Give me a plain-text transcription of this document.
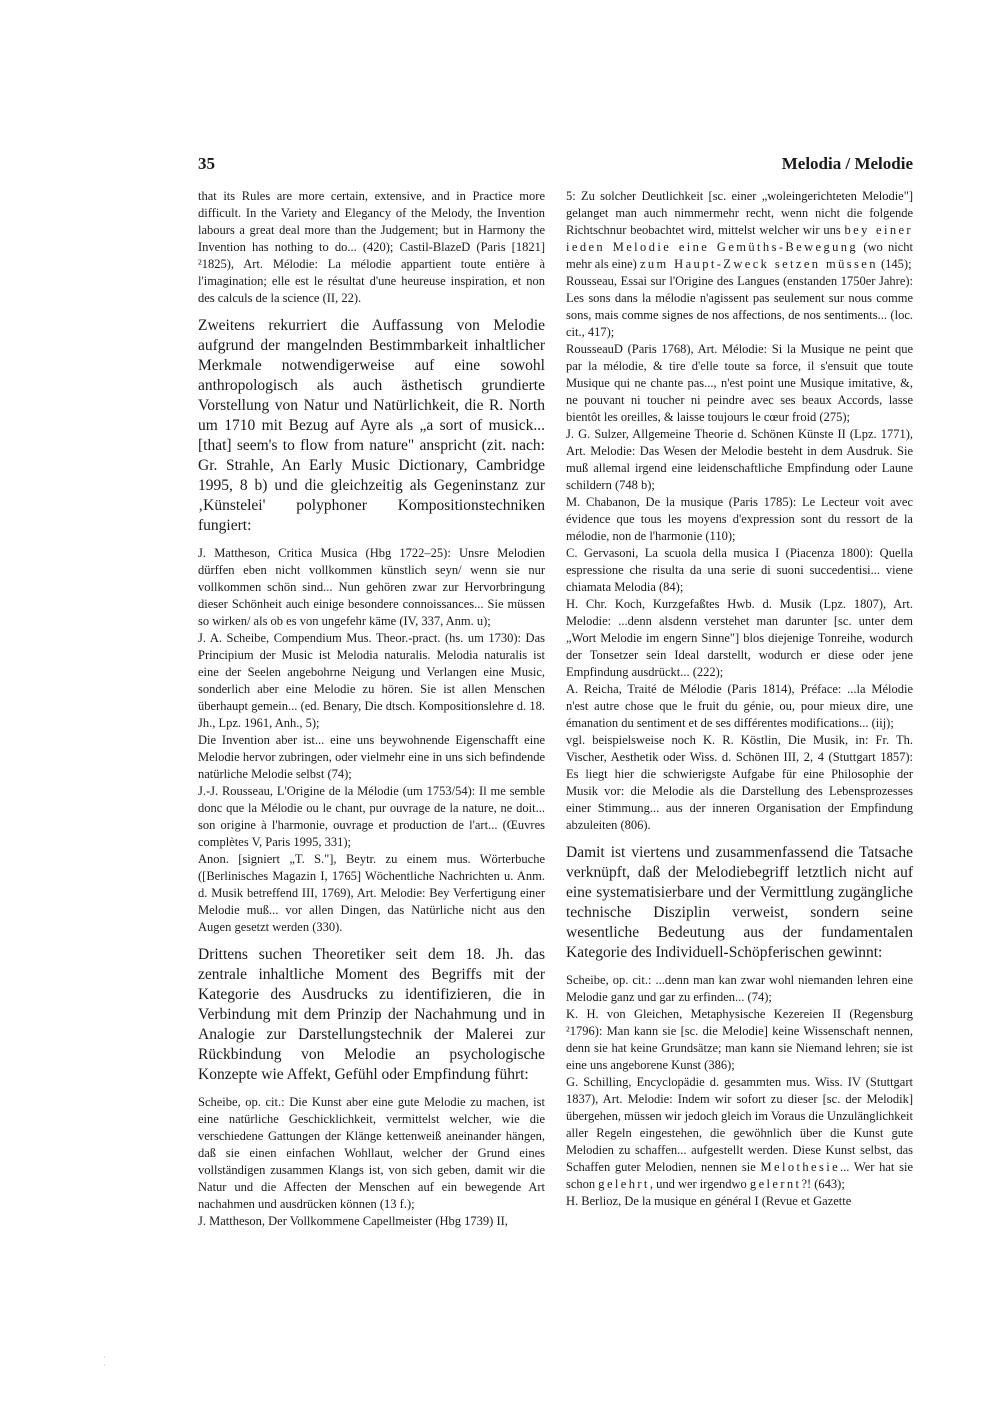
35	Melodia / Melodie

that its Rules are more certain, extensive, and in Practice more difficult. In the Variety and Elegancy of the Melody, the Invention labours a great deal more than the Judgement; but in Harmony the Invention has nothing to do... (420); Castil-BlazeD (Paris [1821] ²1825), Art. Mélodie: La mélodie appartient toute entière à l'imagination; elle est le résultat d'une heureuse inspiration, et non des calculs de la science (II, 22).

Zweitens rekurriert die Auffassung von Melodie aufgrund der mangelnden Bestimmbarkeit inhaltlicher Merkmale notwendigerweise auf eine sowohl anthropologisch als auch ästhetisch grundierte Vorstellung von Natur und Natürlichkeit, die R. North um 1710 mit Bezug auf Ayre als „a sort of musick... [that] seem's to flow from nature" anspricht (zit. nach: Gr. Strahle, An Early Music Dictionary, Cambridge 1995, 8 b) und die gleichzeitig als Gegeninstanz zur ‚Künstelei' polyphoner Kompositionstechniken fungiert:

J. Mattheson, Critica Musica (Hbg 1722–25): Unsre Melodien dürffen eben nicht vollkommen künstlich seyn/ wenn sie nur vollkommen schön sind... Nun gehören zwar zur Hervorbringung dieser Schönheit auch einige besondere connoissances... Sie müssen so wirken/ als ob es von ungefehr käme (IV, 337, Anm. u);

J. A. Scheibe, Compendium Mus. Theor.-pract. (hs. um 1730): Das Principium der Music ist Melodia naturalis. Melodia naturalis ist eine der Seelen angebohrne Neigung und Verlangen eine Music, sonderlich aber eine Melodie zu hören. Sie ist allen Menschen überhaupt gemein... (ed. Benary, Die dtsch. Kompositionslehre d. 18. Jh., Lpz. 1961, Anh., 5);

Die Invention aber ist... eine uns beywohnende Eigenschafft eine Melodie hervor zubringen, oder vielmehr eine in uns sich befindende natürliche Melodie selbst (74);

J.-J. Rousseau, L'Origine de la Mélodie (um 1753/54): Il me semble donc que la Mélodie ou le chant, pur ouvrage de la nature, ne doit... son origine à l'harmonie, ouvrage et production de l'art... (Œuvres complètes V, Paris 1995, 331);

Anon. [signiert „T. S."], Beytr. zu einem mus. Wörterbuche ([Berlinisches Magazin I, 1765] Wöchentliche Nachrichten u. Anm. d. Musik betreffend III, 1769), Art. Melodie: Bey Verfertigung einer Melodie muß... vor allen Dingen, das Natürliche nicht aus den Augen gesetzt werden (330).

Drittens suchen Theoretiker seit dem 18. Jh. das zentrale inhaltliche Moment des Begriffs mit der Kategorie des Ausdrucks zu identifizieren, die in Verbindung mit dem Prinzip der Nachahmung und in Analogie zur Darstellungstechnik der Malerei zur Rückbindung von Melodie an psychologische Konzepte wie Affekt, Gefühl oder Empfindung führt:

Scheibe, op. cit.: Die Kunst aber eine gute Melodie zu machen, ist eine natürliche Geschicklichkeit, vermittelst welcher, wie die verschiedene Gattungen der Klänge kettenweiß aneinander hängen, daß sie einen einfachen Wohllaut, welcher der Grund eines vollständigen zusammen Klangs ist, von sich geben, damit wir die Natur und die Affecten der Menschen auf ein bewegende Art nachahmen und ausdrücken können (13 f.);

J. Mattheson, Der Vollkommene Capellmeister (Hbg 1739) II,

5: Zu solcher Deutlichkeit [sc. einer „woleingerichteten Melodie"] gelanget man auch nimmermehr recht, wenn nicht die folgende Richtschnur beobachtet wird, mittelst welcher wir uns bey einer ieden Melodie eine Gemüths-Bewegung (wo nicht mehr als eine) zum Haupt-Zweck setzen müssen (145);

Rousseau, Essai sur l'Origine des Langues (enstanden 1750er Jahre): Les sons dans la mélodie n'agissent pas seulement sur nous comme sons, mais comme signes de nos affections, de nos sentiments... (loc. cit., 417);

RousseauD (Paris 1768), Art. Mélodie: Si la Musique ne peint que par la mélodie, & tire d'elle toute sa force, il s'ensuit que toute Musique qui ne chante pas..., n'est point une Musique imitative, &, ne pouvant ni toucher ni peindre avec ses beaux Accords, lasse bientôt les oreilles, & laisse toujours le cœur froid (275);

J. G. Sulzer, Allgemeine Theorie d. Schönen Künste II (Lpz. 1771), Art. Melodie: Das Wesen der Melodie besteht in dem Ausdruk. Sie muß allemal irgend eine leidenschaftliche Empfindung oder Laune schildern (748 b);

M. Chabanon, De la musique (Paris 1785): Le Lecteur voit avec évidence que tous les moyens d'expression sont du ressort de la mélodie, non de l'harmonie (110);

C. Gervasoni, La scuola della musica I (Piacenza 1800): Quella espressione che risulta da una serie di suoni succedentisi... viene chiamata Melodia (84);

H. Chr. Koch, Kurzgefaßtes Hwb. d. Musik (Lpz. 1807), Art. Melodie: ...denn alsdenn verstehet man darunter [sc. unter dem „Wort Melodie im engern Sinne"] blos diejenige Tonreihe, wodurch der Tonsetzer sein Ideal darstellt, wodurch er diese oder jene Empfindung ausdrückt... (222);

A. Reicha, Traité de Mélodie (Paris 1814), Préface: ...la Mélodie n'est autre chose que le fruit du génie, ou, pour mieux dire, une émanation du sentiment et de ses différentes modifications... (iij);

vgl. beispielsweise noch K. R. Köstlin, Die Musik, in: Fr. Th. Vischer, Aesthetik oder Wiss. d. Schönen III, 2, 4 (Stuttgart 1857): Es liegt hier die schwierigste Aufgabe für eine Philosophie der Musik vor: die Melodie als die Darstellung des Lebensprozesses einer Stimmung... aus der inneren Organisation der Empfindung abzuleiten (806).

Damit ist viertens und zusammenfassend die Tatsache verknüpft, daß der Melodiebegriff letztlich nicht auf eine systematisierbare und der Vermittlung zugängliche technische Disziplin verweist, sondern seine wesentliche Bedeutung aus der fundamentalen Kategorie des Individuell-Schöpferischen gewinnt:

Scheibe, op. cit.: ...denn man kan zwar wohl niemanden lehren eine Melodie ganz und gar zu erfinden... (74);

K. H. von Gleichen, Metaphysische Kezereien II (Regensburg ²1796): Man kann sie [sc. die Melodie] keine Wissenschaft nennen, denn sie hat keine Grundsätze; man kann sie Niemand lehren; sie ist eine uns angeborene Kunst (386);

G. Schilling, Encyclopädie d. gesammten mus. Wiss. IV (Stuttgart 1837), Art. Melodie: Indem wir sofort zu dieser [sc. der Melodik] übergehen, müssen wir jedoch gleich im Voraus die Unzulänglichkeit aller Regeln eingestehen, die gewöhnlich über die Kunst gute Melodien zu schaffen... aufgestellt werden. Diese Kunst selbst, das Schaffen guter Melodien, nennen sie Melothesie... Wer hat sie schon gelehrt, und wer irgendwo gelernt?! (643);

H. Berlioz, De la musique en général I (Revue et Gazette

·
·
